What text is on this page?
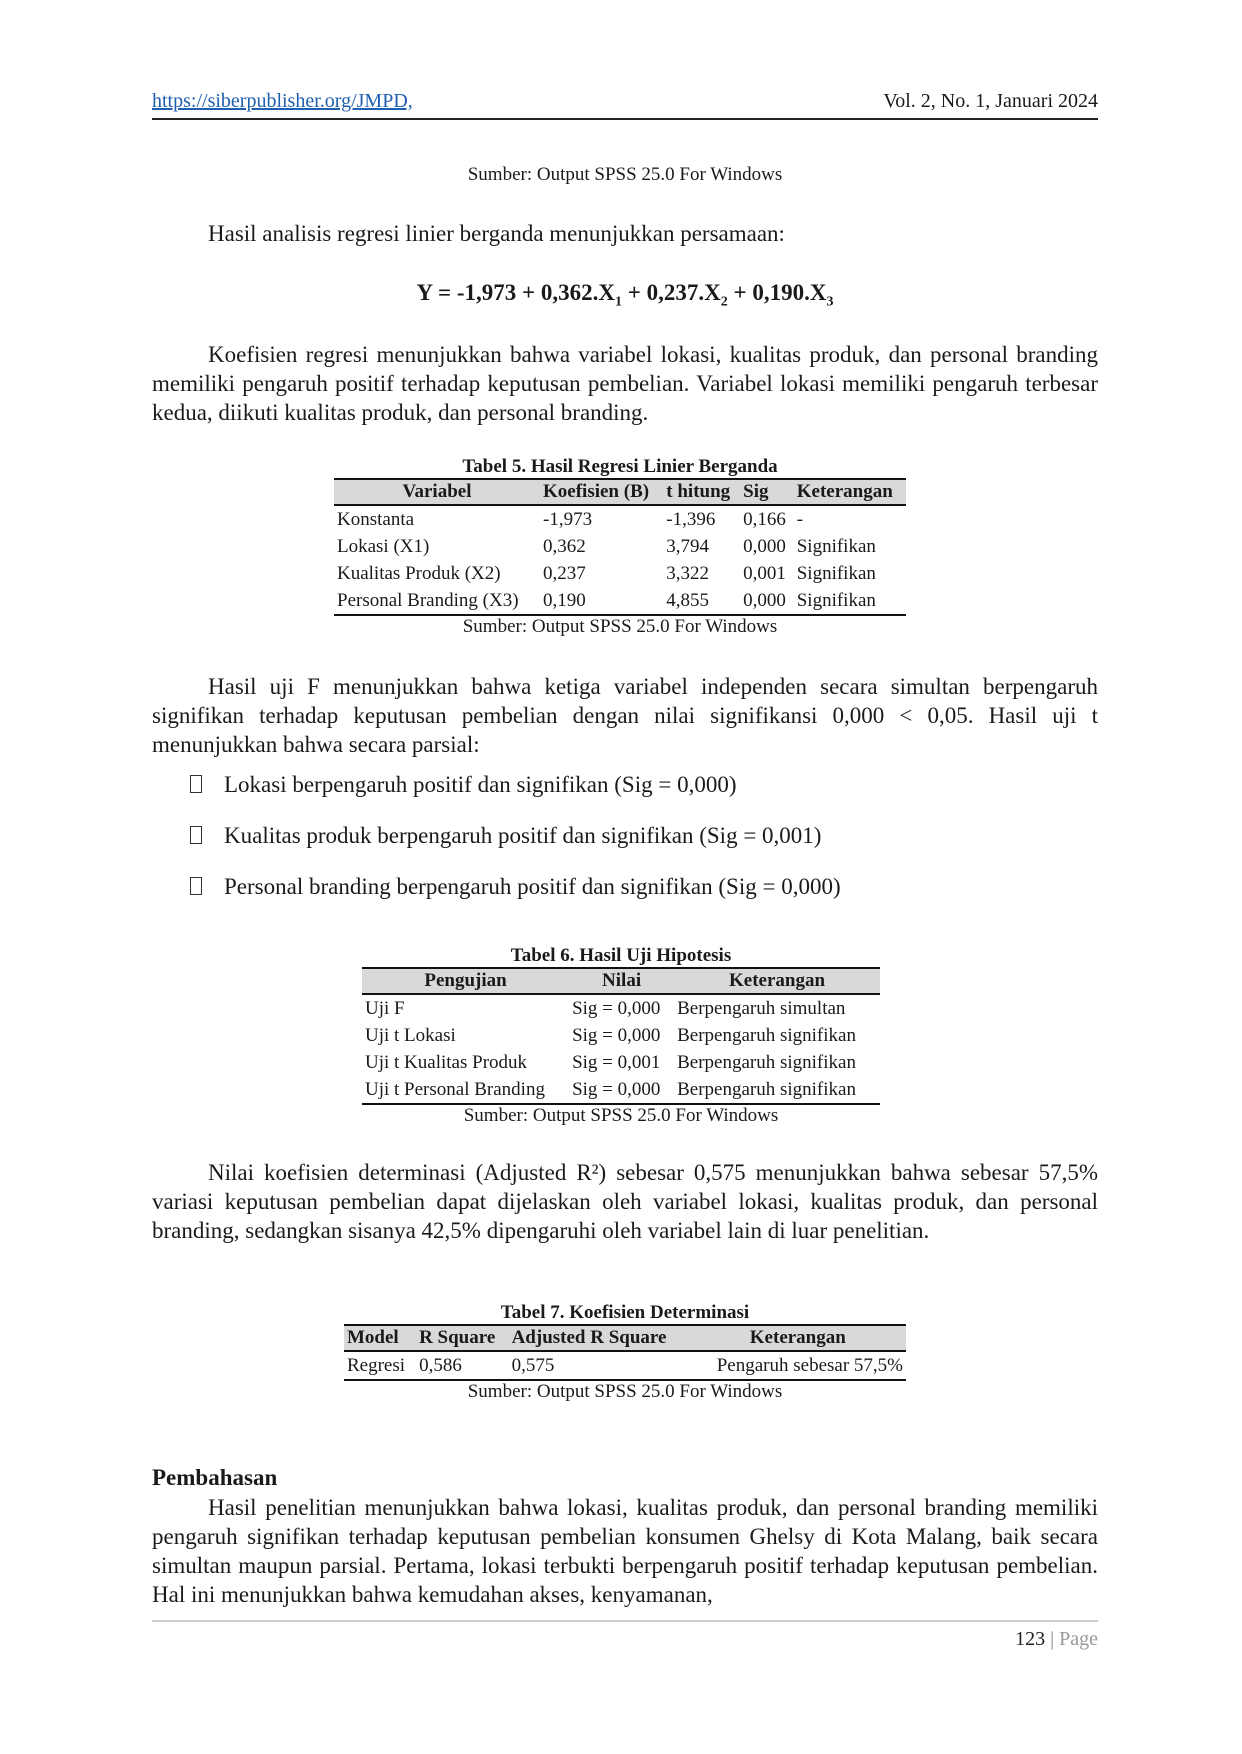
https://siberpublisher.org/JMPD,	Vol. 2, No. 1, Januari 2024
Sumber: Output SPSS 25.0 For Windows

Hasil analisis regresi linier berganda menunjukkan persamaan:

$Y = -1,973 + 0,362.X_1 + 0,237.X_2 + 0,190.X_3$

Koefisien regresi menunjukkan bahwa variabel lokasi, kualitas produk, dan personal branding memiliki pengaruh positif terhadap keputusan pembelian. Variabel lokasi memiliki pengaruh terbesar kedua, diikuti kualitas produk, dan personal branding.

Tabel 5. Hasil Regresi Linier Berganda
Variabel	Koefisien (B)	t hitung	Sig	Keterangan
Konstanta	-1,973	-1,396	0,166	-
Lokasi (X1)	0,362	3,794	0,000	Signifikan
Kualitas Produk (X2)	0,237	3,322	0,001	Signifikan
Personal Branding (X3)	0,190	4,855	0,000	Signifikan
Sumber: Output SPSS 25.0 For Windows

Hasil uji F menunjukkan bahwa ketiga variabel independen secara simultan berpengaruh signifikan terhadap keputusan pembelian dengan nilai signifikansi 0,000 < 0,05. Hasil uji t menunjukkan bahwa secara parsial:

Lokasi berpengaruh positif dan signifikan (Sig = 0,000)
Kualitas produk berpengaruh positif dan signifikan (Sig = 0,001)
Personal branding berpengaruh positif dan signifikan (Sig = 0,000)
Tabel 6. Hasil Uji Hipotesis
Pengujian	Nilai	Keterangan
Uji F	Sig = 0,000	Berpengaruh simultan
Uji t Lokasi	Sig = 0,000	Berpengaruh signifikan
Uji t Kualitas Produk	Sig = 0,001	Berpengaruh signifikan
Uji t Personal Branding	Sig = 0,000	Berpengaruh signifikan
Sumber: Output SPSS 25.0 For Windows

Nilai koefisien determinasi (Adjusted R²) sebesar 0,575 menunjukkan bahwa sebesar 57,5% variasi keputusan pembelian dapat dijelaskan oleh variabel lokasi, kualitas produk, dan personal branding, sedangkan sisanya 42,5% dipengaruhi oleh variabel lain di luar penelitian.

Tabel 7. Koefisien Determinasi
Model	R Square	Adjusted R Square	Keterangan
Regresi	0,586	0,575	Pengaruh sebesar 57,5%
Sumber: Output SPSS 25.0 For Windows
Pembahasan

Hasil penelitian menunjukkan bahwa lokasi, kualitas produk, dan personal branding memiliki pengaruh signifikan terhadap keputusan pembelian konsumen Ghelsy di Kota Malang, baik secara simultan maupun parsial. Pertama, lokasi terbukti berpengaruh positif terhadap keputusan pembelian. Hal ini menunjukkan bahwa kemudahan akses, kenyamanan,

123 | Page
